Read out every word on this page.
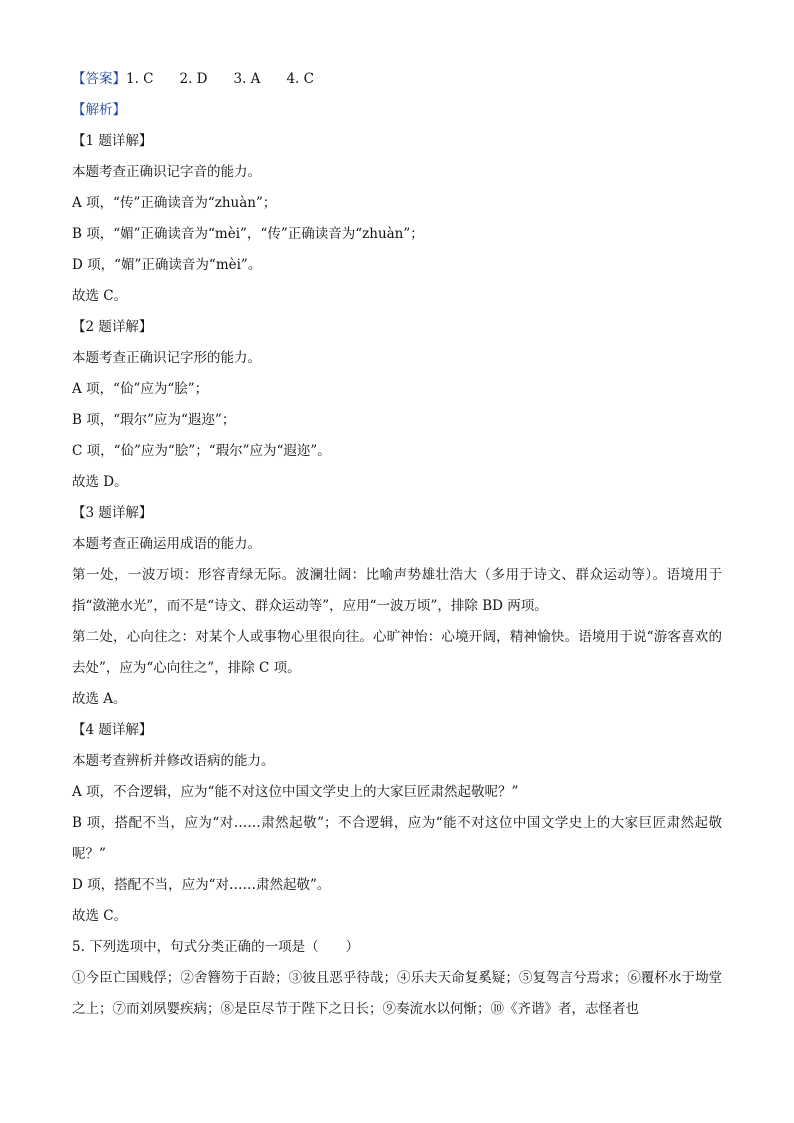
【答案】1. C 2. D 3. A 4. C
【解析】
【1 题详解】
本题考查正确识记字音的能力。
A 项，“传”正确读音为“zhuàn”；
B 项，“媚”正确读音为“mèi”，“传”正确读音为“zhuàn”；
D 项，“媚”正确读音为“mèi”。
故选 C。
【2 题详解】
本题考查正确识记字形的能力。
A 项，“佡”应为“脍”；
B 项，“瑕尔”应为“遐迩”；
C 项，“佡”应为“脍”；“瑕尔”应为“遐迩”。
故选 D。
【3 题详解】
本题考查正确运用成语的能力。
第一处，一波万顷：形容青绿无际。波澜壮阔：比喻声势雄壮浩大（多用于诗文、群众运动等）。语境用于指“潋滟水光”，而不是“诗文、群众运动等”，应用“一波万顷”，排除 BD 两项。
第二处，心向往之：对某个人或事物心里很向往。心旷神怡：心境开阔，精神愉快。语境用于说“游客喜欢的去处”，应为“心向往之”，排除 C 项。
故选 A。
【4 题详解】
本题考查辨析并修改语病的能力。
A 项，不合逻辑，应为“能不对这位中国文学史上的大家巨匠肃然起敬呢？”
B 项，搭配不当，应为“对……肃然起敬”；不合逻辑，应为“能不对这位中国文学史上的大家巨匠肃然起敬呢？”
D 项，搭配不当，应为“对……肃然起敬”。
故选 C。
5. 下列选项中，句式分类正确的一项是（　　）
①今臣亡国贱俘；②舍簪笏于百龄；③彼且恶乎待哉；④乐夫天命复奚疑；⑤复驾言兮焉求；⑥覆杯水于坳堂之上；⑦而刘夙婴疾病；⑧是臣尽节于陛下之日长；⑨奏流水以何惭；⑩《齐谐》者，志怪者也
